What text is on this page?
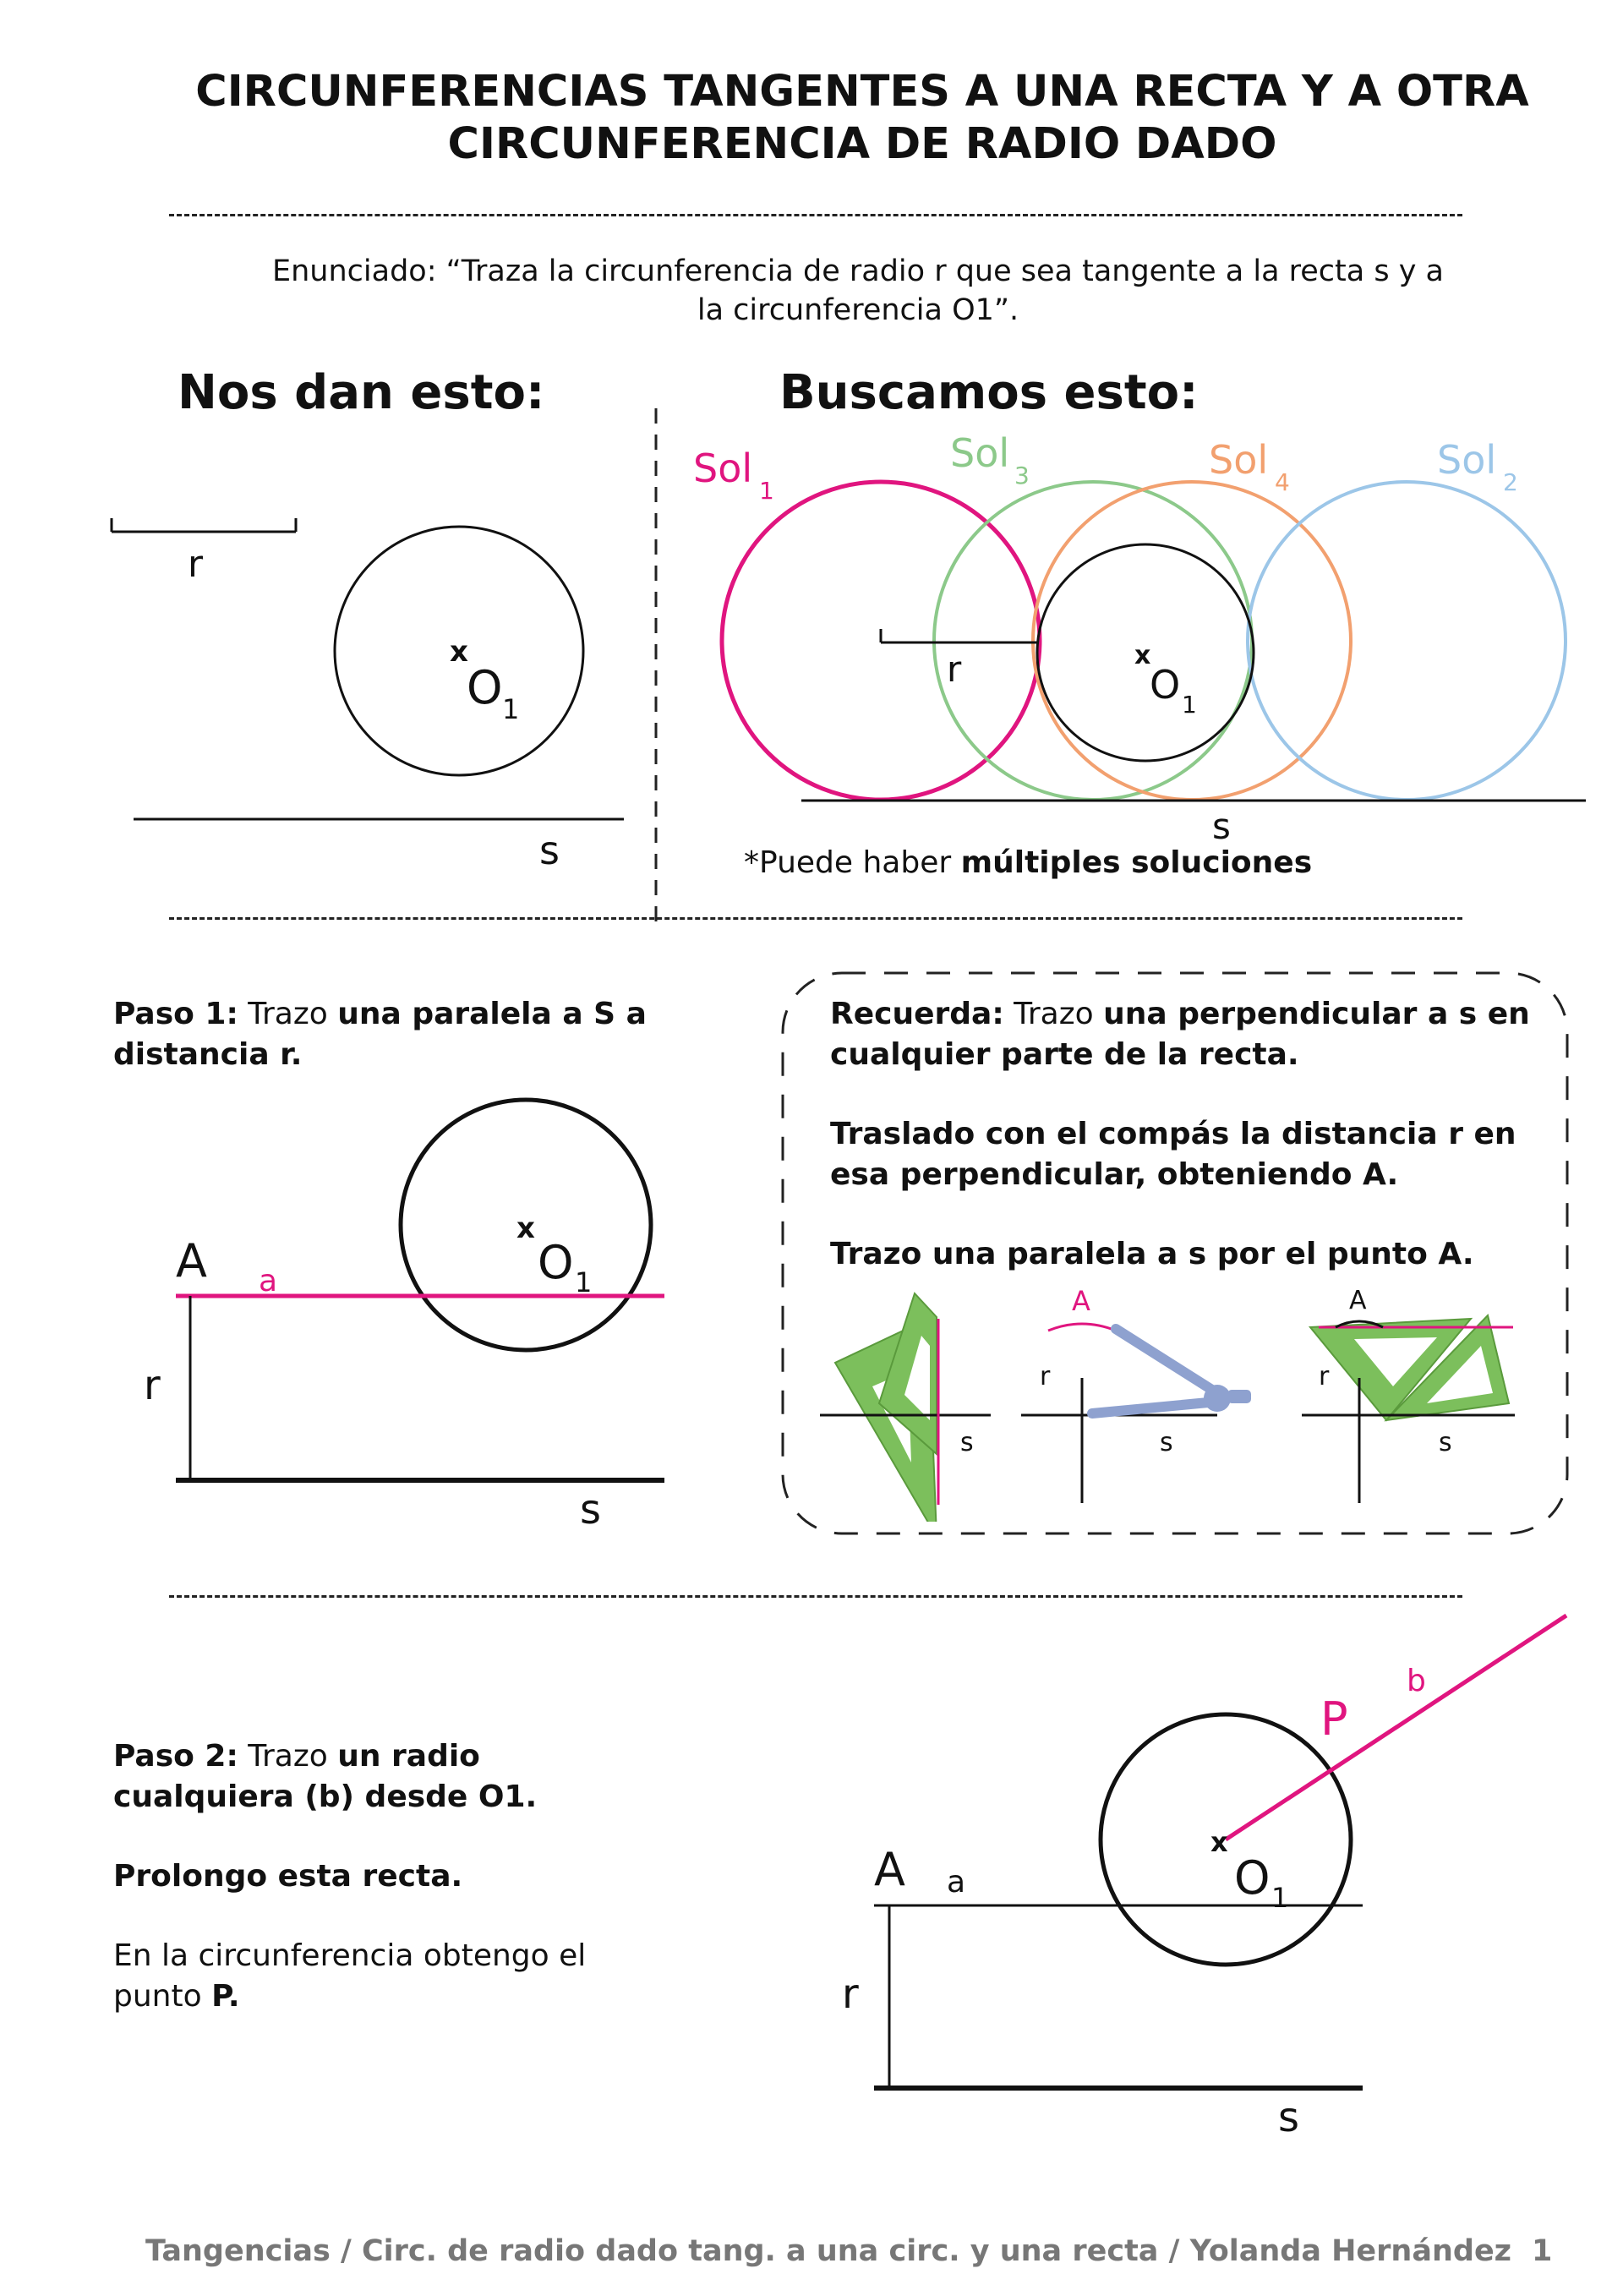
CIRCUNFERENCIAS TANGENTES A UNA RECTA Y A OTRA
CIRCUNFERENCIA DE RADIO DADO
Enunciado: “Traza la circunferencia de radio r que sea tangente a la recta s y a
la circunferencia O1”.
Nos dan esto:	Buscamos esto:
r
x
O 1
s
x
O 1
r
s
Sol 1
Sol 3	Sol 4	Sol 2
*Puede haber múltiples soluciones
Paso 1: Trazo una paralela a S a distancia r.
x
O 1
a
A
r
s
Recuerda: Trazo una perpendicular a s en cualquier parte de la recta.
Traslado con el compás la distancia r en esa perpendicular, obteniendo A.
Trazo una paralela a s por el punto A.
s
A
r
s
A
r
s
Paso 2: Trazo un radio cualquiera (b) desde O1.
Prolongo esta recta.
En la circunferencia obtengo el punto P.
x
O 1
P
b
A a
r
s
Tangencias / Circ. de radio dado tang. a una circ. y una recta / Yolanda Hernández 1
